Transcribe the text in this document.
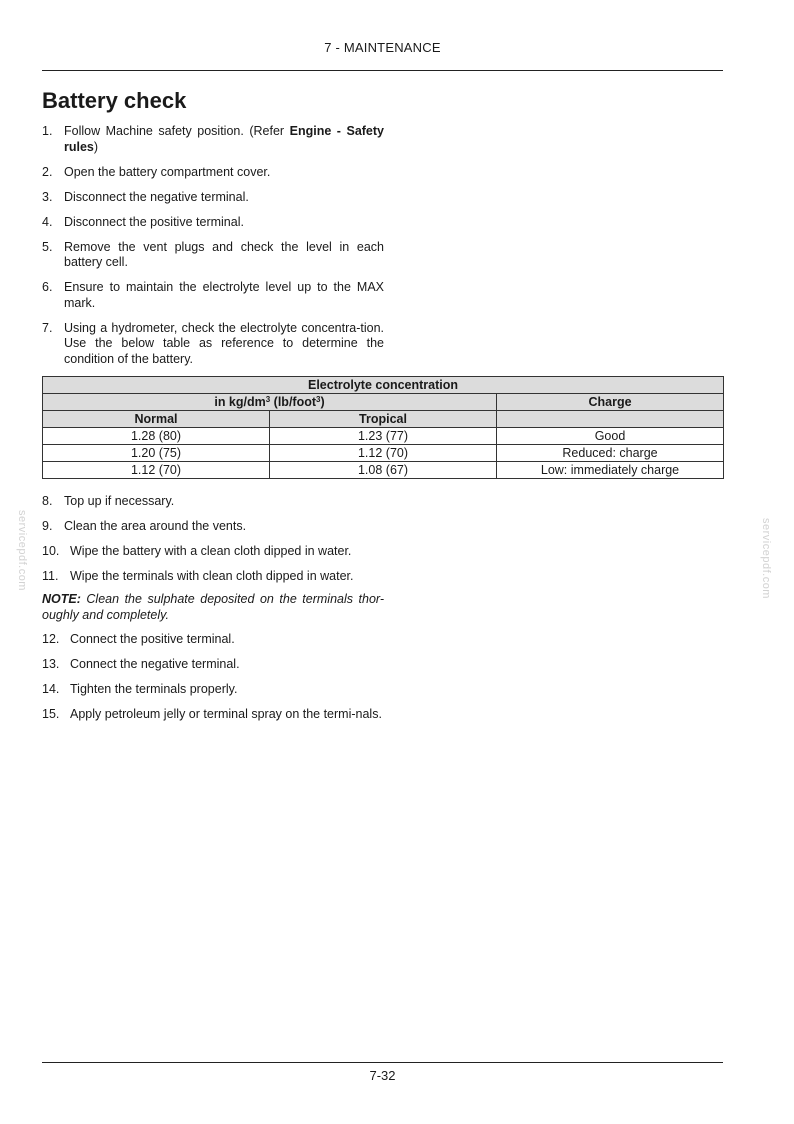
7 - MAINTENANCE
Battery check
1. Follow Machine safety position. (Refer Engine - Safety rules)
2. Open the battery compartment cover.
3. Disconnect the negative terminal.
4. Disconnect the positive terminal.
5. Remove the vent plugs and check the level in each battery cell.
6. Ensure to maintain the electrolyte level up to the MAX mark.
7. Using a hydrometer, check the electrolyte concentra-tion. Use the below table as reference to determine the condition of the battery.
Electrolyte concentration		
in $kg/dm^3$ (lb/foot$^3$)		Charge
Normal	Tropical	
1.28 (80)	1.23 (77)	Good
1.20 (75)	1.12 (70)	Reduced: charge
1.12 (70)	1.08 (67)	Low: immediately charge
8. Top up if necessary.
9. Clean the area around the vents.
10. Wipe the battery with a clean cloth dipped in water.
11. Wipe the terminals with clean cloth dipped in water.
NOTE: Clean the sulphate deposited on the terminals thor-oughly and completely.
12. Connect the positive terminal.
13. Connect the negative terminal.
14. Tighten the terminals properly.
15. Apply petroleum jelly or terminal spray on the termi-nals.
servicepdf.com	servicepdf.com
7-32
